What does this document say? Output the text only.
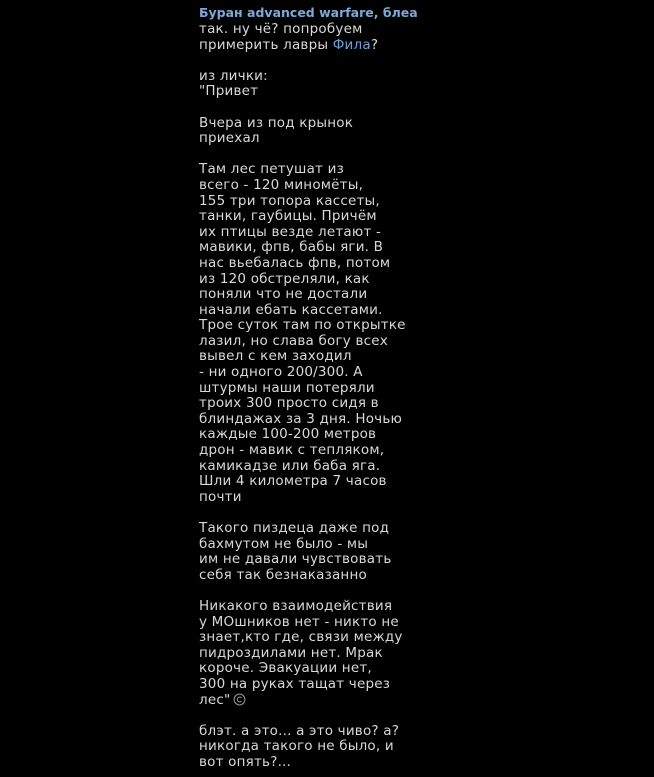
Буран advanced warfare, блеа
так. ну чё? попробуем
примерить лавры Фила?
из лички:
"Привет
Вчера из под крынок
приехал
Там лес петушат из
всего - 120 миномёты,
155 три топора кассеты,
танки, гаубицы. Причём
их птицы везде летают -
мавики, фпв, бабы яги. В
нас вьебалась фпв, потом
из 120 обстреляли, как
поняли что не достали
начали ебать кассетами.
Трое суток там по открытке
лазил, но слава богу всех
вывел с кем заходил
- ни одного 200/300. А
штурмы наши потеряли
троих 300 просто сидя в
блиндажах за 3 дня. Ночью
каждые 100-200 метров
дрон - мавик с тепляком,
камикадзе или баба яга.
Шли 4 километра 7 часов
почти
Такого пиздеца даже под
бахмутом не было - мы
им не давали чувствовать
себя так безнаказанно
Никакого взаимодействия
у МОшников нет - никто не
знает,кто где, связи между
пидроздилами нет. Мрак
короче. Эвакуации нет,
300 на руках тащат через
лес"
блэт. а это... а это чиво? а?
никогда такого не было, и
вот опять?...
